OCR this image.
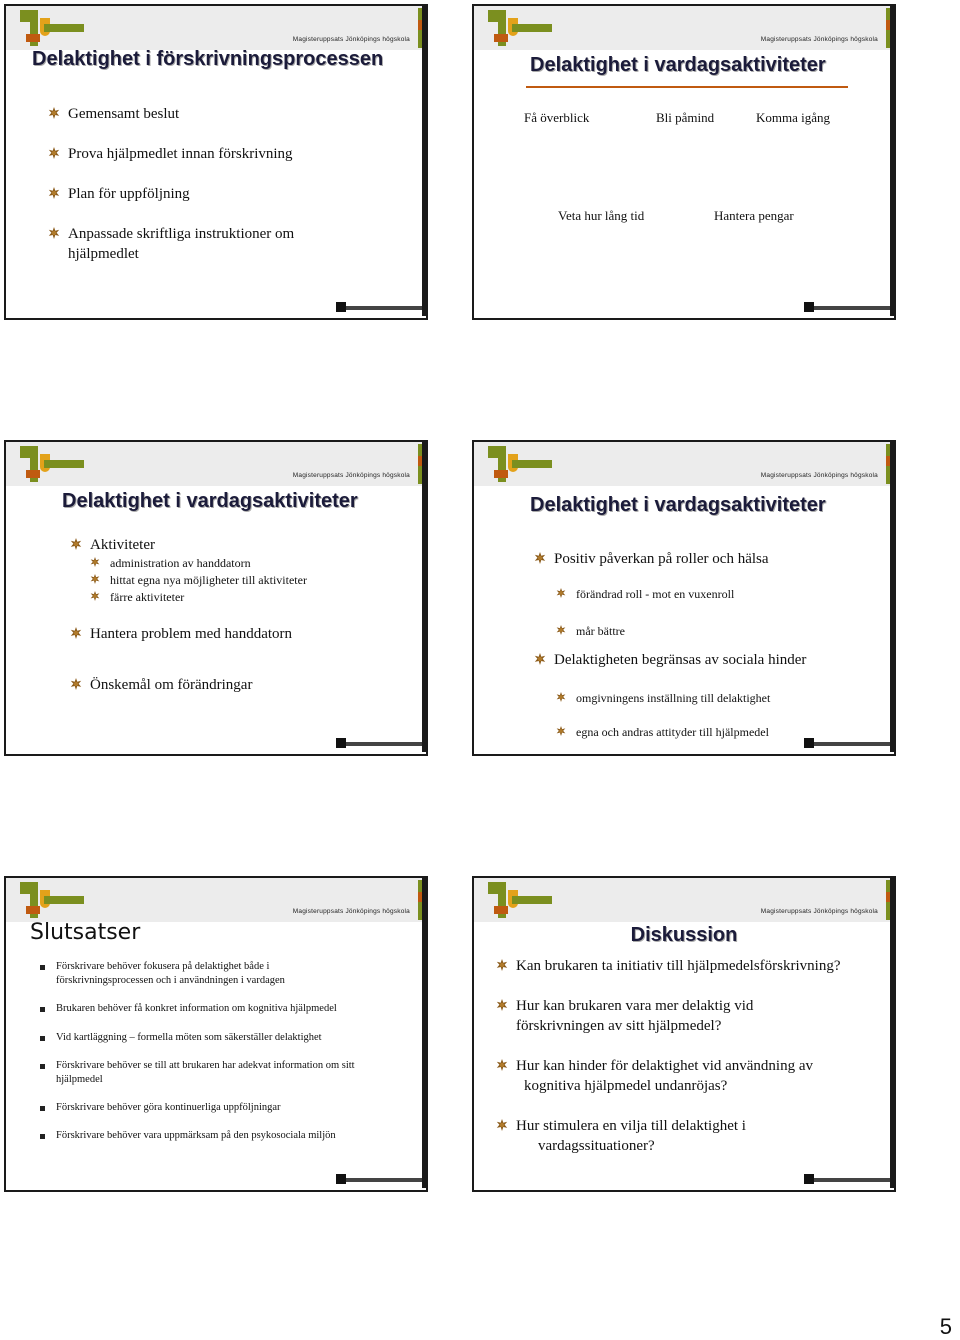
Magisteruppsats Jönköpings högskola
Delaktighet i förskrivningsprocessen
Gemensamt beslut
Prova hjälpmedlet innan förskrivning
Plan för uppföljning
Anpassade skriftliga instruktioner om
hjälpmedlet
Magisteruppsats Jönköpings högskola
Delaktighet i vardagsaktiviteter
Få överblick	Bli påmind	Komma igång
Veta hur lång tid	Hantera pengar
Magisteruppsats Jönköpings högskola
Delaktighet i vardagsaktiviteter
Aktiviteter
administration av handdatorn
hittat egna nya möjligheter till aktiviteter
färre aktiviteter
Hantera problem med handdatorn
Önskemål om förändringar
Magisteruppsats Jönköpings högskola
Delaktighet i vardagsaktiviteter
Positiv påverkan på roller och hälsa
förändrad roll - mot en vuxenroll
mår bättre
Delaktigheten begränsas av sociala hinder
omgivningens inställning till delaktighet
egna och andras attityder till hjälpmedel
Magisteruppsats Jönköpings högskola
Slutsatser
Förskrivare behöver fokusera på delaktighet både i
förskrivningsprocessen och i användningen i vardagen
Brukaren behöver få konkret information om kognitiva hjälpmedel
Vid kartläggning – formella möten som säkerställer delaktighet
Förskrivare behöver se till att brukaren har adekvat information om sitt
hjälpmedel
Förskrivare behöver göra kontinuerliga uppföljningar
Förskrivare behöver vara uppmärksam på den psykosociala miljön
Magisteruppsats Jönköpings högskola
Diskussion
Kan brukaren ta initiativ till hjälpmedelsförskrivning?
Hur kan brukaren vara mer delaktig vid
förskrivningen av sitt hjälpmedel?
Hur kan hinder för delaktighet vid användning av
kognitiva hjälpmedel undanröjas?
Hur stimulera en vilja till delaktighet i
vardagssituationer?
5
